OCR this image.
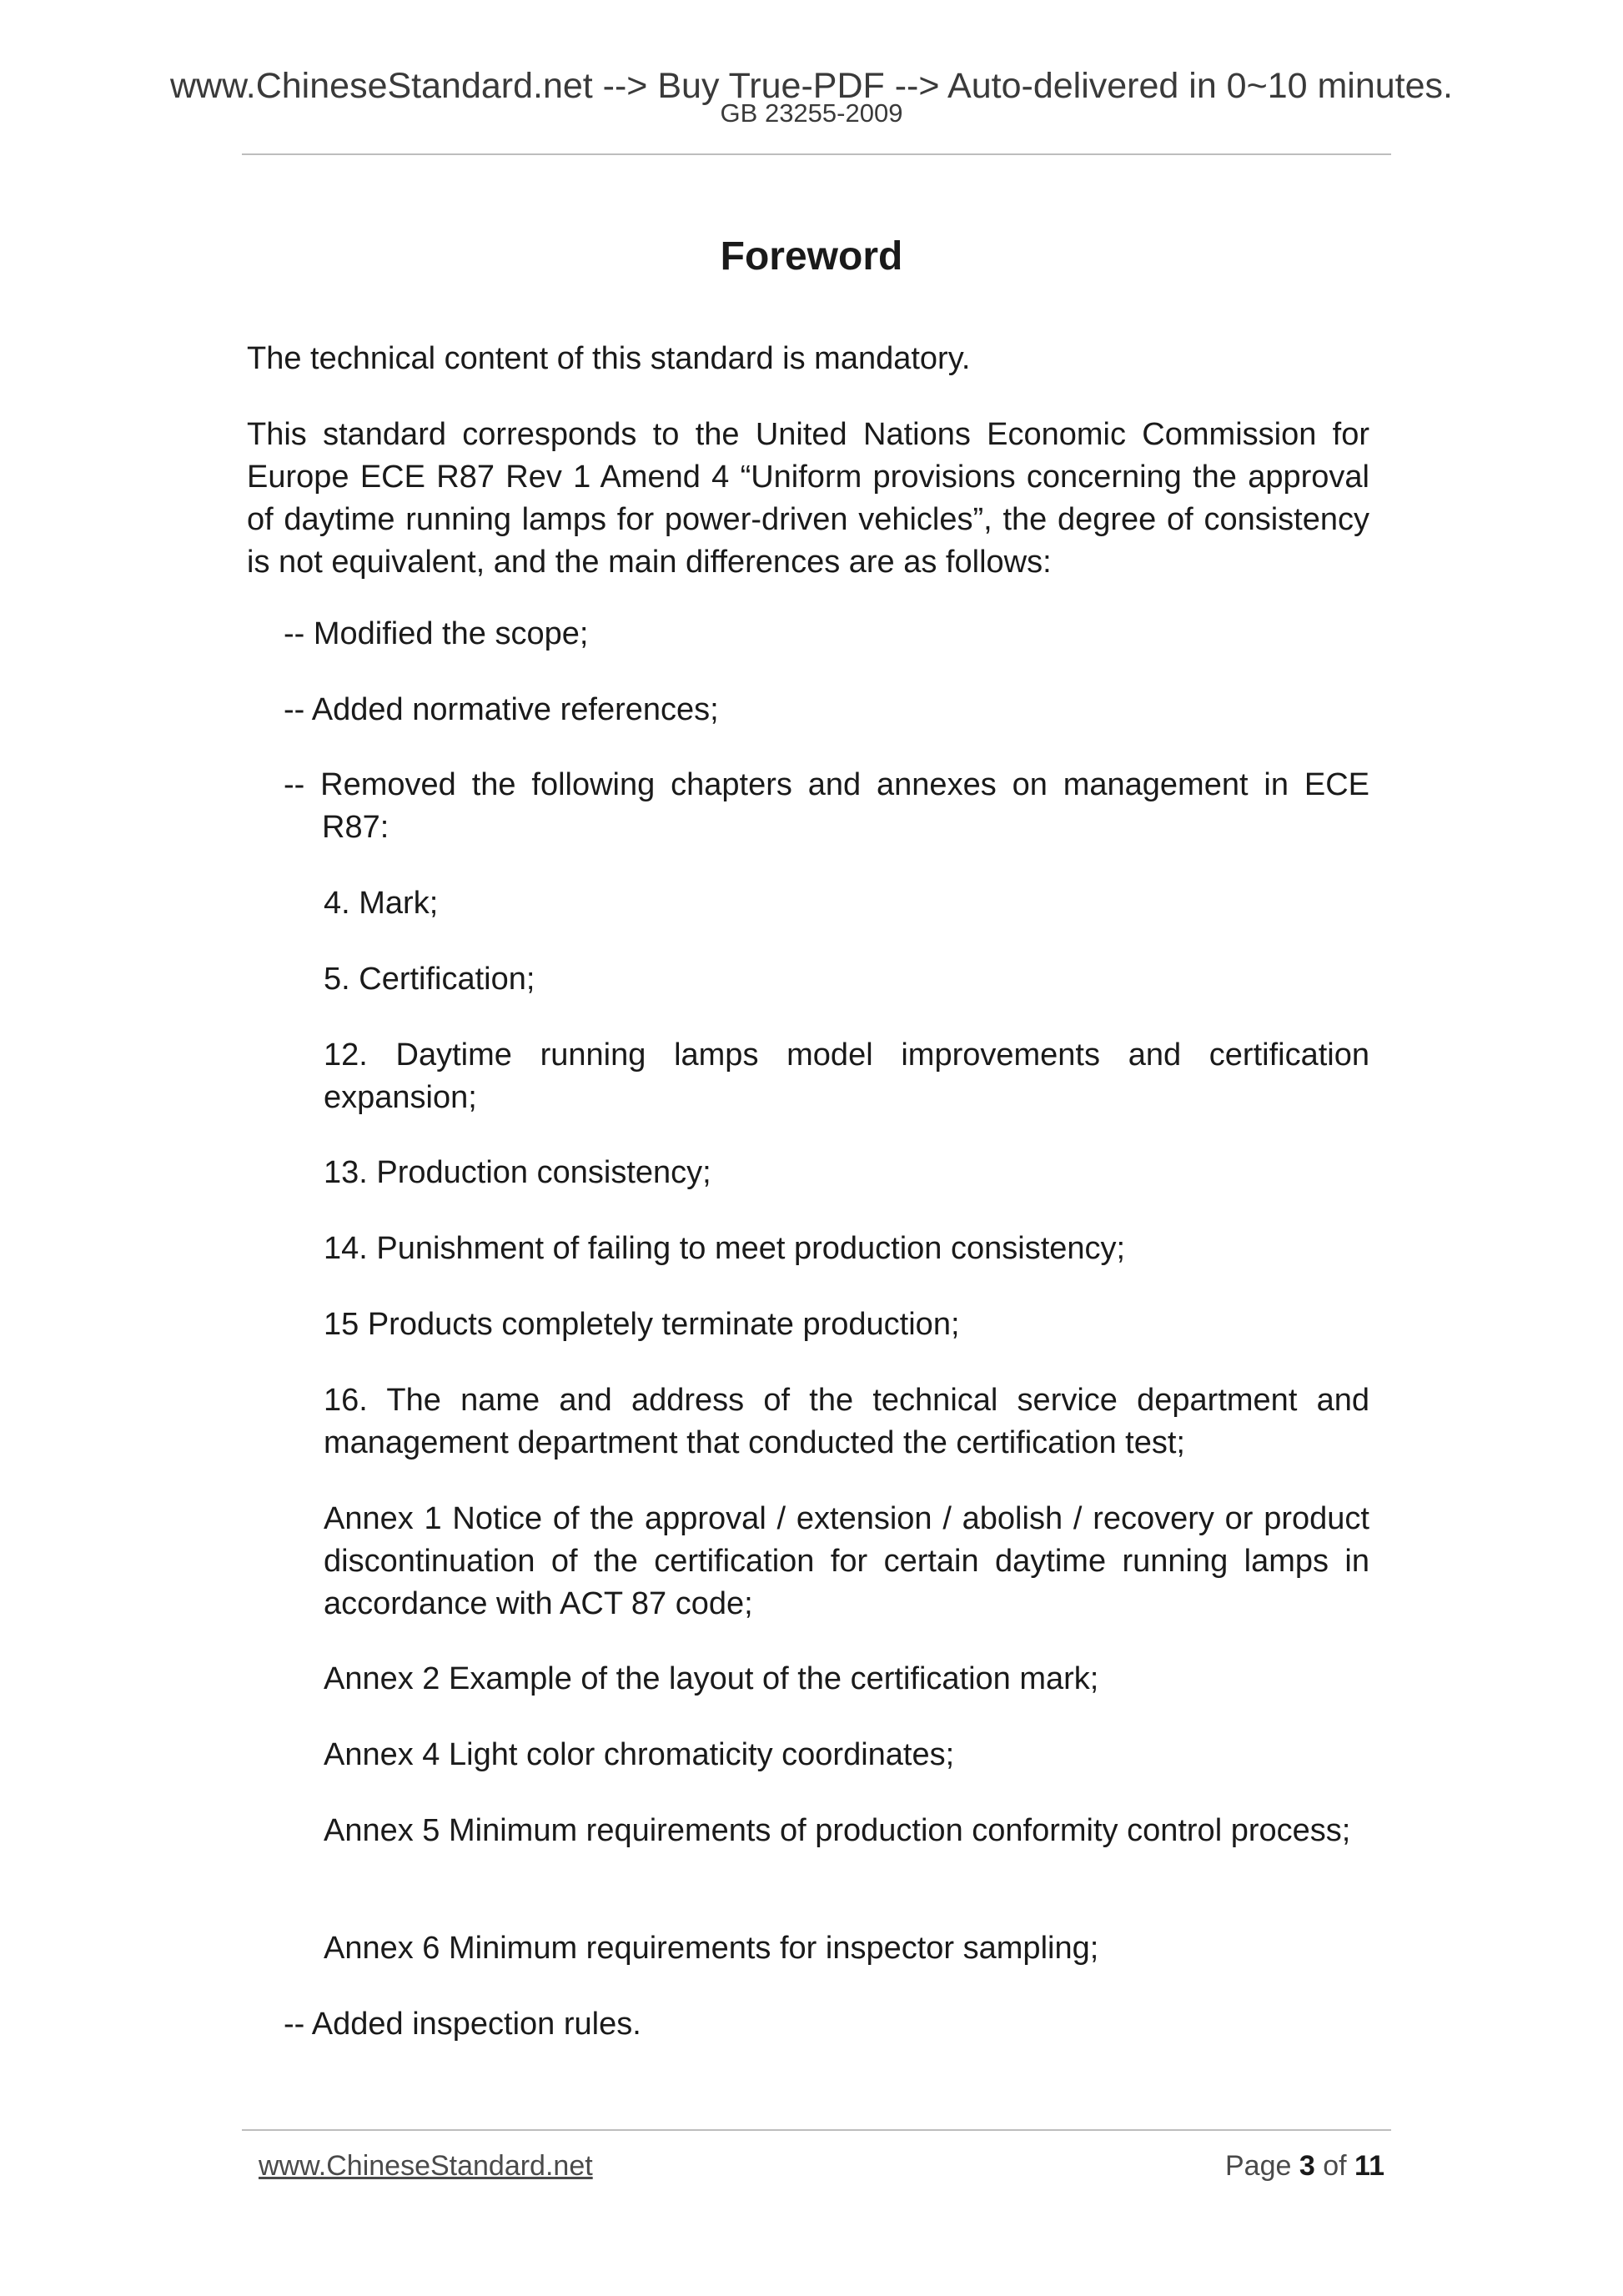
www.ChineseStandard.net --> Buy True-PDF --> Auto-delivered in 0~10 minutes.
GB 23255-2009
Foreword

The technical content of this standard is mandatory.

This standard corresponds to the United Nations Economic Commission for Europe ECE R87 Rev 1 Amend 4 “Uniform provisions concerning the approval of daytime running lamps for power-driven vehicles”, the degree of consistency is not equivalent, and the main differences are as follows:

-- Modified the scope;

-- Added normative references;

-- Removed the following chapters and annexes on management in ECE R87:

4. Mark;

5. Certification;

12. Daytime running lamps model improvements and certification expansion;

13. Production consistency;

14. Punishment of failing to meet production consistency;

15 Products completely terminate production;

16. The name and address of the technical service department and management department that conducted the certification test;

Annex 1 Notice of the approval / extension / abolish / recovery or product discontinuation of the certification for certain daytime running lamps in accordance with ACT 87 code;

Annex 2 Example of the layout of the certification mark;

Annex 4 Light color chromaticity coordinates;

Annex 5 Minimum requirements of production conformity control process;

Annex 6 Minimum requirements for inspector sampling;

-- Added inspection rules.

www.ChineseStandard.net	Page 3 of 11
